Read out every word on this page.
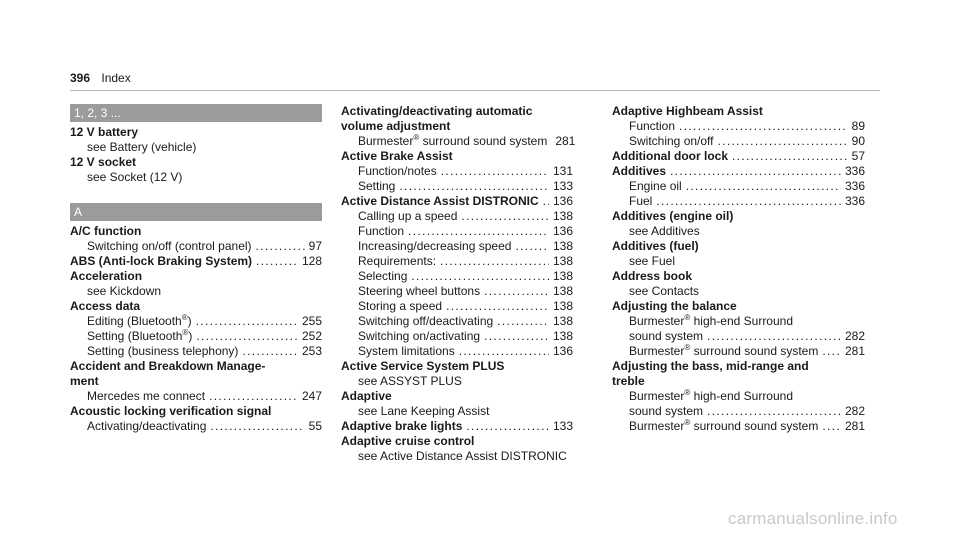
396 Index
1, 2, 3 ...
12 V battery
see Battery (vehicle)
12 V socket
see Socket (12 V)
A
A/C function
Switching on/off (control panel) . . .	97
ABS (Anti-lock Braking System) . . .	128
Acceleration
see Kickdown
Access data
Editing (Bluetooth®) . . .	255
Setting (Bluetooth®) . . .	252
Setting (business telephony) . . .	253
Accident and Breakdown Manage-
ment
Mercedes me connect . . .	247
Acoustic locking verification signal
Activating/deactivating . . .	55
Activating/deactivating automatic
volume adjustment
Burmester® surround sound system 281
Active Brake Assist
Function/notes . . .	131
Setting . . .	133
Active Distance Assist DISTRONIC . . . 136
Calling up a speed . . .	138
Function . . .	136
Increasing/decreasing speed . . .	138
Requirements: . . .	138
Selecting . . .	138
Steering wheel buttons . . .	138
Storing a speed . . .	138
Switching off/deactivating . . .	138
Switching on/activating . . .	138
System limitations . . .	136
Active Service System PLUS
see ASSYST PLUS
Adaptive
see Lane Keeping Assist
Adaptive brake lights . . .	133
Adaptive cruise control
see Active Distance Assist DISTRONIC
Adaptive Highbeam Assist
Function . . .	89
Switching on/off . . .	90
Additional door lock . . .	57
Additives . . .	336
Engine oil . . .	336
Fuel . . .	336
Additives (engine oil)
see Additives
Additives (fuel)
see Fuel
Address book
see Contacts
Adjusting the balance
Burmester® high-end Surround
sound system . . .	282
Burmester® surround sound system . . . 281
Adjusting the bass, mid-range and
treble
Burmester® high-end Surround
sound system . . .	282
Burmester® surround sound system . . . 281
carmanualsonline.info
